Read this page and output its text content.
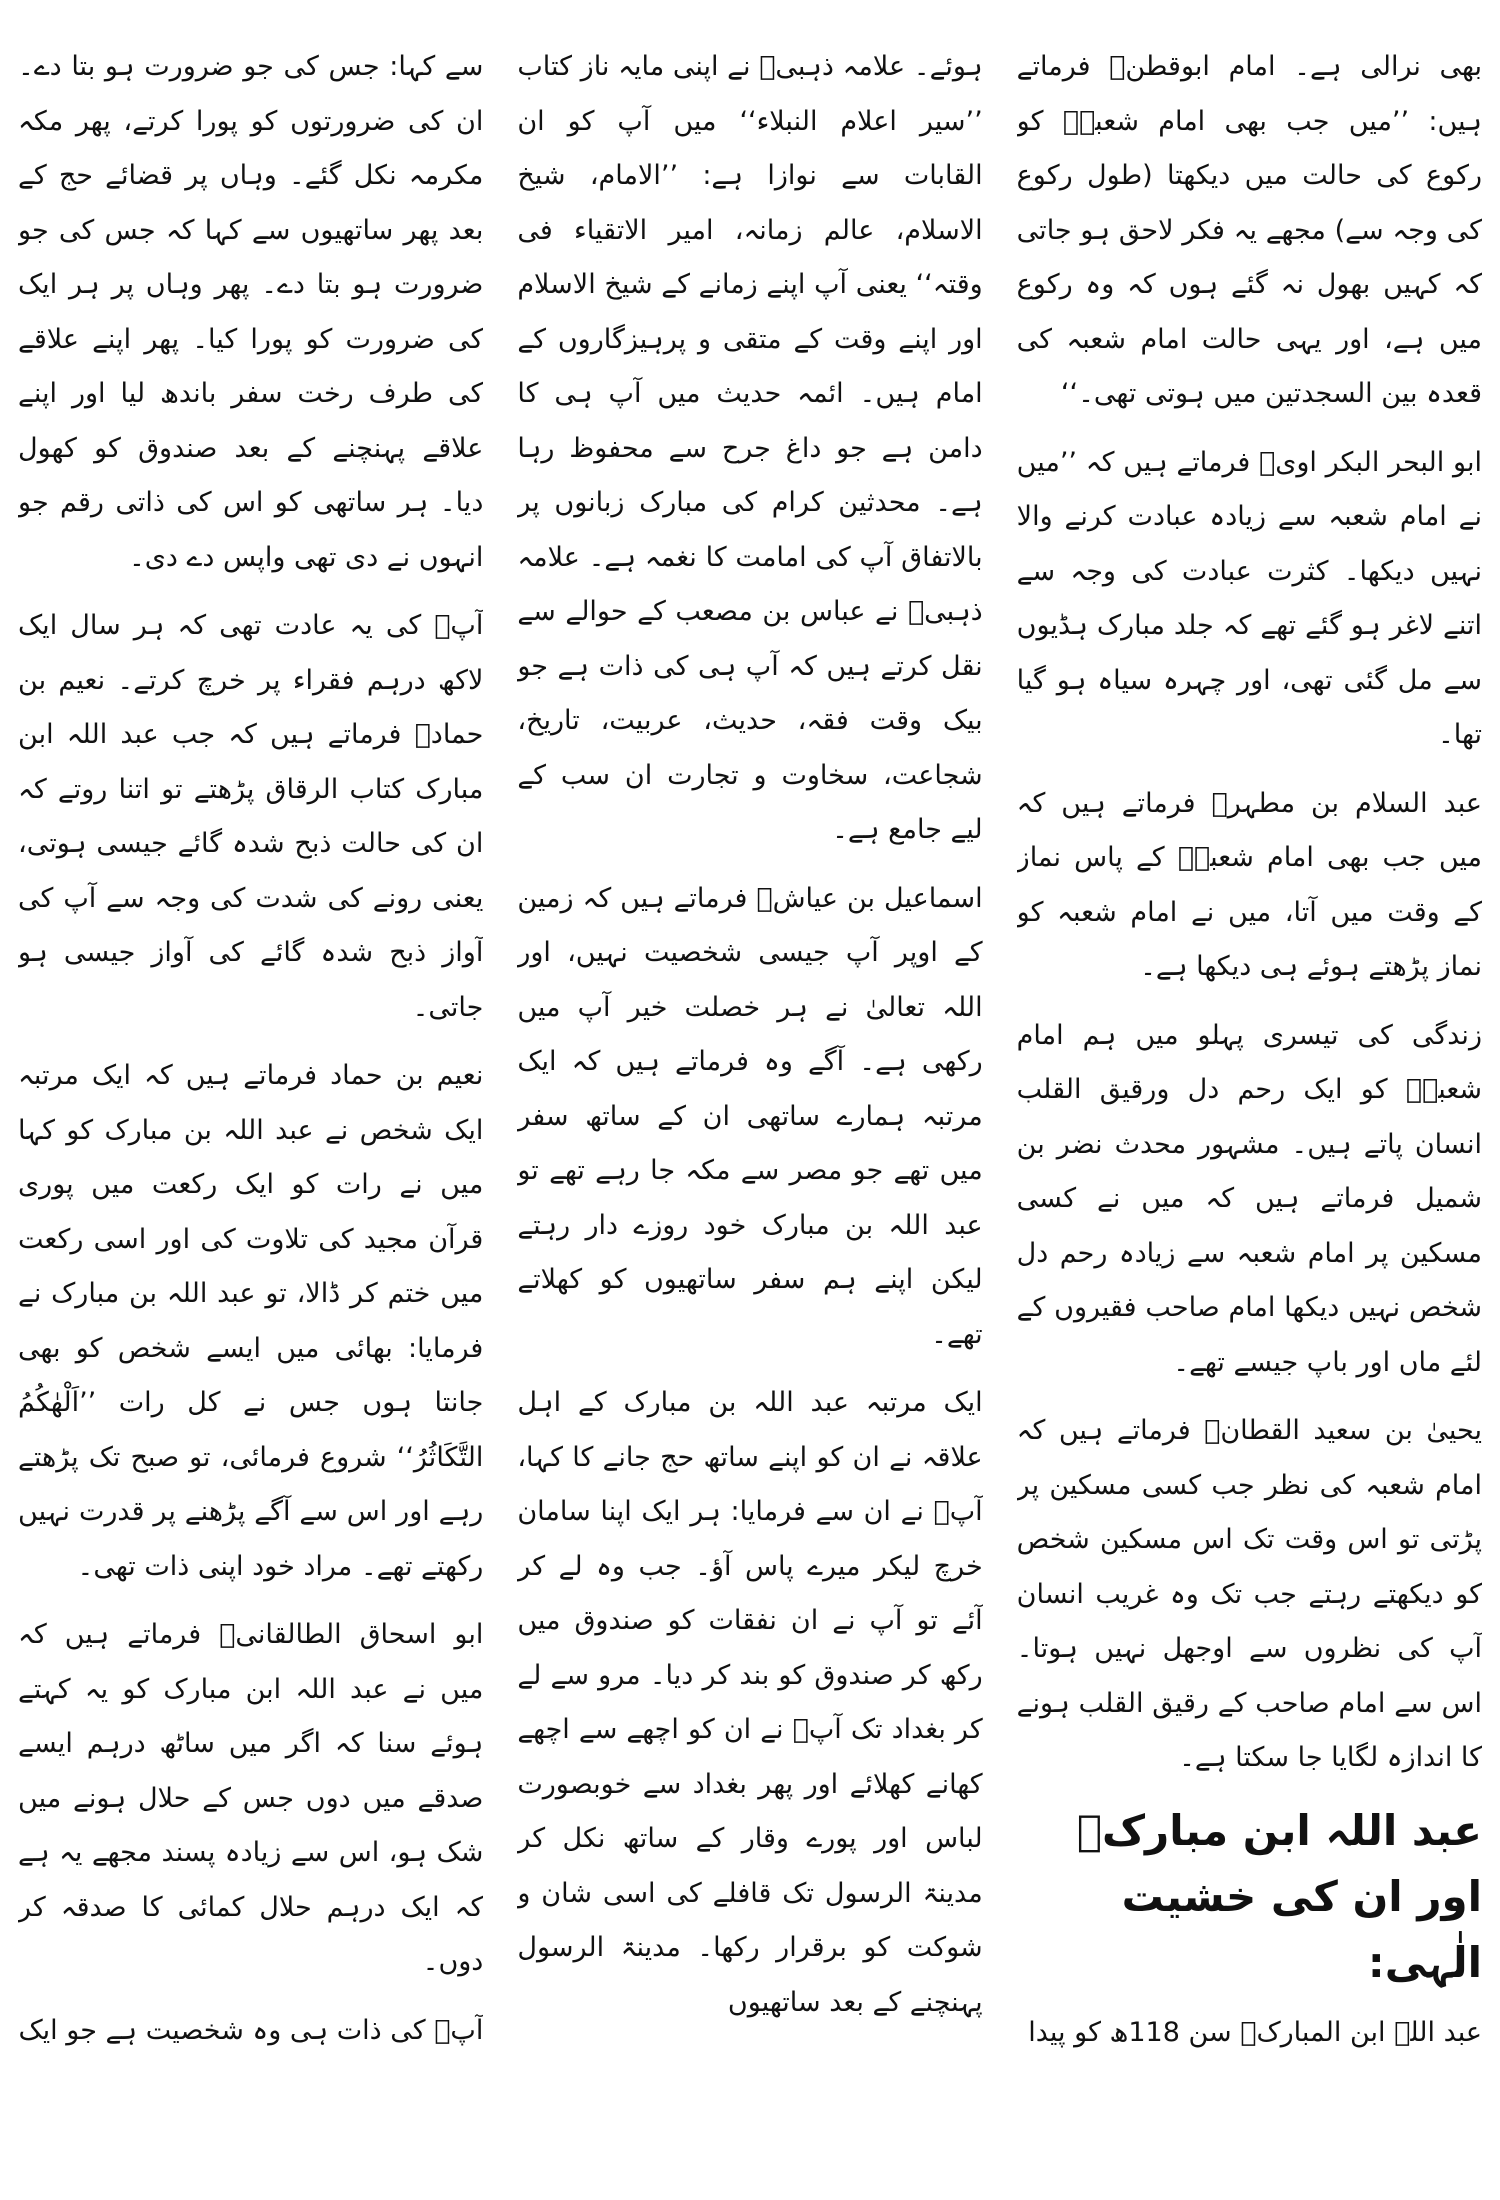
بھی نرالی ہے۔ امام ابوقطنؒ فرماتے ہیں: ’’میں جب بھی امام شعبہؒ کو رکوع کی حالت میں دیکھتا (طول رکوع کی وجہ سے) مجھے یہ فکر لاحق ہو جاتی کہ کہیں بھول نہ گئے ہوں کہ وہ رکوع میں ہے، اور یہی حالت امام شعبہ کی قعدہ بین السجدتین میں ہوتی تھی۔‘‘

ابو البحر البکر اویؒ فرماتے ہیں کہ ’’میں نے امام شعبہ سے زیادہ عبادت کرنے والا نہیں دیکھا۔ کثرت عبادت کی وجہ سے اتنے لاغر ہو گئے تھے کہ جلد مبارک ہڈیوں سے مل گئی تھی، اور چہرہ سیاہ ہو گیا تھا۔

عبد السلام بن مطہرؒ فرماتے ہیں کہ میں جب بھی امام شعبہؒ کے پاس نماز کے وقت میں آتا، میں نے امام شعبہ کو نماز پڑھتے ہوئے ہی دیکھا ہے۔

زندگی کی تیسری پہلو میں ہم امام شعبہؒ کو ایک رحم دل ورقیق القلب انسان پاتے ہیں۔ مشہور محدث نضر بن شمیل فرماتے ہیں کہ میں نے کسی مسکین پر امام شعبہ سے زیادہ رحم دل شخص نہیں دیکھا امام صاحب فقیروں کے لئے ماں اور باپ جیسے تھے۔

یحییٰ بن سعید القطانؒ فرماتے ہیں کہ امام شعبہ کی نظر جب کسی مسکین پر پڑتی تو اس وقت تک اس مسکین شخص کو دیکھتے رہتے جب تک وہ غریب انسان آپ کی نظروں سے اوجھل نہیں ہوتا۔ اس سے امام صاحب کے رقیق القلب ہونے کا اندازہ لگایا جا سکتا ہے۔

عبد اللہ ابن مبارکؒ اور ان کی خشیت الٰہی:

عبد اللہ ابن المبارکؒ سن 118ھ کو پیدا

ہوئے۔ علامہ ذہبیؒ نے اپنی مایہ ناز کتاب ’’سیر اعلام النبلاء‘‘ میں آپ کو ان القابات سے نوازا ہے: ’’الامام، شیخ الاسلام، عالم زمانہ، امیر الاتقیاء فی وقتہ‘‘ یعنی آپ اپنے زمانے کے شیخ الاسلام اور اپنے وقت کے متقی و پرہیزگاروں کے امام ہیں۔ ائمہ حدیث میں آپ ہی کا دامن ہے جو داغ جرح سے محفوظ رہا ہے۔ محدثین کرام کی مبارک زبانوں پر بالاتفاق آپ کی امامت کا نغمہ ہے۔ علامہ ذہبیؒ نے عباس بن مصعب کے حوالے سے نقل کرتے ہیں کہ آپ ہی کی ذات ہے جو بیک وقت فقہ، حدیث، عربیت، تاریخ، شجاعت، سخاوت و تجارت ان سب کے لیے جامع ہے۔

اسماعیل بن عیاشؒ فرماتے ہیں کہ زمین کے اوپر آپ جیسی شخصیت نہیں، اور اللہ تعالیٰ نے ہر خصلت خیر آپ میں رکھی ہے۔ آگے وہ فرماتے ہیں کہ ایک مرتبہ ہمارے ساتھی ان کے ساتھ سفر میں تھے جو مصر سے مکہ جا رہے تھے تو عبد اللہ بن مبارک خود روزے دار رہتے لیکن اپنے ہم سفر ساتھیوں کو کھلاتے تھے۔

ایک مرتبہ عبد اللہ بن مبارک کے اہل علاقہ نے ان کو اپنے ساتھ حج جانے کا کہا، آپؒ نے ان سے فرمایا: ہر ایک اپنا سامان خرچ لیکر میرے پاس آؤ۔ جب وہ لے کر آئے تو آپ نے ان نفقات کو صندوق میں رکھ کر صندوق کو بند کر دیا۔ مرو سے لے کر بغداد تک آپؒ نے ان کو اچھے سے اچھے کھانے کھلائے اور پھر بغداد سے خوبصورت لباس اور پورے وقار کے ساتھ نکل کر مدینۃ الرسول تک قافلے کی اسی شان و شوکت کو برقرار رکھا۔ مدینۃ الرسول پہنچنے کے بعد ساتھیوں

سے کہا: جس کی جو ضرورت ہو بتا دے۔ ان کی ضرورتوں کو پورا کرتے، پھر مکہ مکرمہ نکل گئے۔ وہاں پر قضائے حج کے بعد پھر ساتھیوں سے کہا کہ جس کی جو ضرورت ہو بتا دے۔ پھر وہاں پر ہر ایک کی ضرورت کو پورا کیا۔ پھر اپنے علاقے کی طرف رخت سفر باندھ لیا اور اپنے علاقے پہنچنے کے بعد صندوق کو کھول دیا۔ ہر ساتھی کو اس کی ذاتی رقم جو انہوں نے دی تھی واپس دے دی۔

آپؒ کی یہ عادت تھی کہ ہر سال ایک لاکھ درہم فقراء پر خرچ کرتے۔ نعیم بن حمادؒ فرماتے ہیں کہ جب عبد اللہ ابن مبارک کتاب الرقاق پڑھتے تو اتنا روتے کہ ان کی حالت ذبح شدہ گائے جیسی ہوتی، یعنی رونے کی شدت کی وجہ سے آپ کی آواز ذبح شدہ گائے کی آواز جیسی ہو جاتی۔

نعیم بن حماد فرماتے ہیں کہ ایک مرتبہ ایک شخص نے عبد اللہ بن مبارک کو کہا میں نے رات کو ایک رکعت میں پوری قرآن مجید کی تلاوت کی اور اسی رکعت میں ختم کر ڈالا، تو عبد اللہ بن مبارک نے فرمایا: بھائی میں ایسے شخص کو بھی جانتا ہوں جس نے کل رات ’’اَلْهٰكُمُ التَّكَاثُرُ‘‘ شروع فرمائی، تو صبح تک پڑھتے رہے اور اس سے آگے پڑھنے پر قدرت نہیں رکھتے تھے۔ مراد خود اپنی ذات تھی۔

ابو اسحاق الطالقانیؒ فرماتے ہیں کہ میں نے عبد اللہ ابن مبارک کو یہ کہتے ہوئے سنا کہ اگر میں ساٹھ درہم ایسے صدقے میں دوں جس کے حلال ہونے میں شک ہو، اس سے زیادہ پسند مجھے یہ ہے کہ ایک درہم حلال کمائی کا صدقہ کر دوں۔

آپؒ کی ذات ہی وہ شخصیت ہے جو ایک
